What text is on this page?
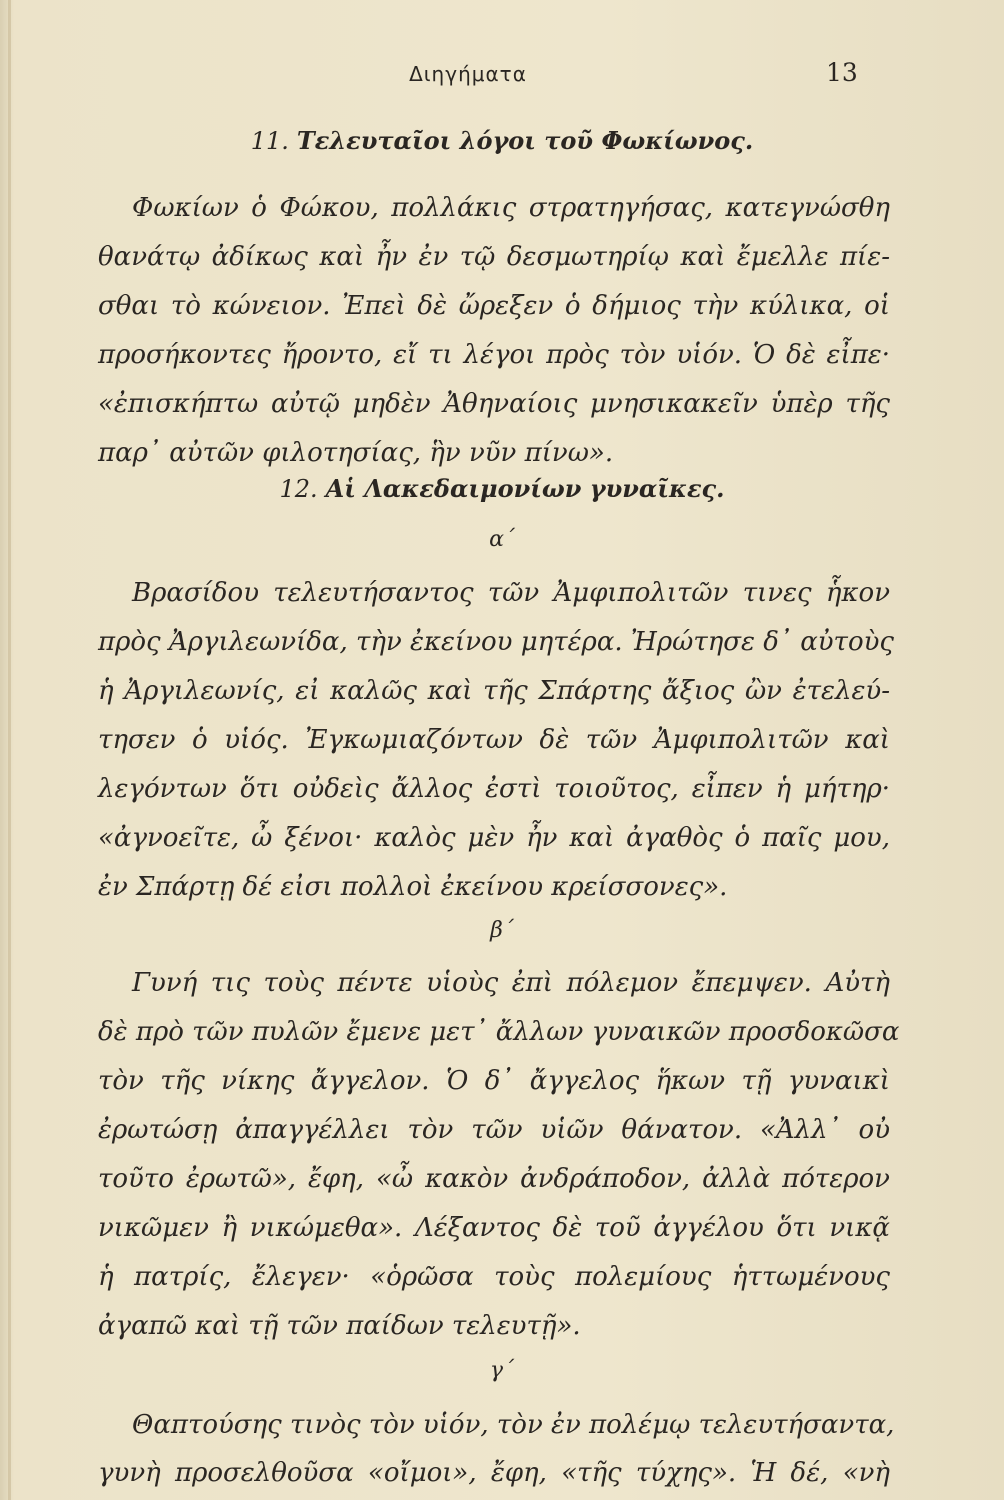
Διηγήματα	13
11. Τελευταῖοι λόγοι τοῦ Φωκίωνος.
Φωκίων ὁ Φώκου, πολλάκις στρατηγήσας, κατεγνώσθη
θανάτῳ ἀδίκως καὶ ἦν ἐν τῷ δεσμωτηρίῳ καὶ ἔμελλε πίε-
σθαι τὸ κώνειον. Ἐπεὶ δὲ ὤρεξεν ὁ δήμιος τὴν κύλικα, οἱ
προσήκοντες ἤροντο, εἴ τι λέγοι πρὸς τὸν υἱόν. Ὁ δὲ εἶπε·
«ἐπισκήπτω αὐτῷ μηδὲν Ἀθηναίοις μνησικακεῖν ὑπὲρ τῆς
παρ᾽ αὐτῶν φιλοτησίας, ἣν νῦν πίνω».
12. Αἱ Λακεδαιμονίων γυναῖκες.
α´
Βρασίδου τελευτήσαντος τῶν Ἀμφιπολιτῶν τινες ἧκον
πρὸς Ἀργιλεωνίδα, τὴν ἐκείνου μητέρα. Ἠρώτησε δ᾽ αὐτοὺς
ἡ Ἀργιλεωνίς, εἰ καλῶς καὶ τῆς Σπάρτης ἄξιος ὢν ἐτελεύ-
τησεν ὁ υἱός. Ἐγκωμιαζόντων δὲ τῶν Ἀμφιπολιτῶν καὶ
λεγόντων ὅτι οὐδεὶς ἄλλος ἐστὶ τοιοῦτος, εἶπεν ἡ μήτηρ·
«ἀγνοεῖτε, ὦ ξένοι· καλὸς μὲν ἦν καὶ ἀγαθὸς ὁ παῖς μου,
ἐν Σπάρτῃ δέ εἰσι πολλοὶ ἐκείνου κρείσσονες».
β´
Γυνή τις τοὺς πέντε υἱοὺς ἐπὶ πόλεμον ἔπεμψεν. Αὐτὴ
δὲ πρὸ τῶν πυλῶν ἔμενε μετ᾽ ἄλλων γυναικῶν προσδοκῶσα
τὸν τῆς νίκης ἄγγελον. Ὁ δ᾽ ἄγγελος ἥκων τῇ γυναικὶ
ἐρωτώσῃ ἀπαγγέλλει τὸν τῶν υἱῶν θάνατον. «Ἀλλ᾽ οὐ
τοῦτο ἐρωτῶ», ἔφη, «ὦ κακὸν ἀνδράποδον, ἀλλὰ πότερον
νικῶμεν ἢ νικώμεθα». Λέξαντος δὲ τοῦ ἀγγέλου ὅτι νικᾷ
ἡ πατρίς, ἔλεγεν· «ὁρῶσα τοὺς πολεμίους ἡττωμένους
ἀγαπῶ καὶ τῇ τῶν παίδων τελευτῇ».
γ´
Θαπτούσης τινὸς τὸν υἱόν, τὸν ἐν πολέμῳ τελευτήσαντα,
γυνὴ προσελθοῦσα «οἴμοι», ἔφη, «τῆς τύχης». Ἡ δέ, «νὴ
